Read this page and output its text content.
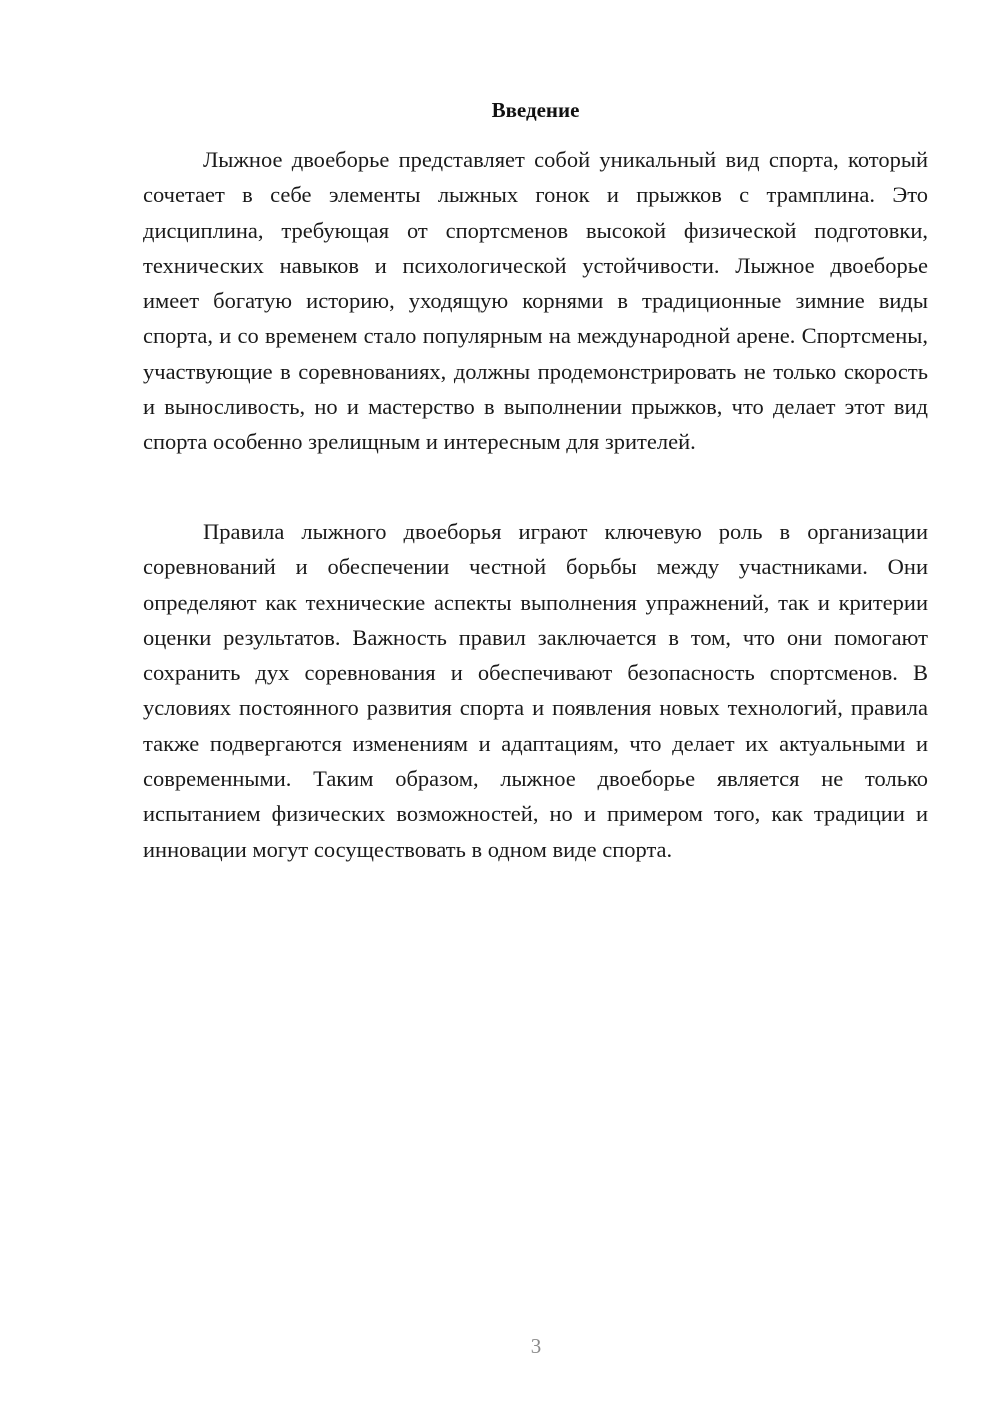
Введение

Лыжное двоеборье представляет собой уникальный вид спорта, который сочетает в себе элементы лыжных гонок и прыжков с трамплина. Это дисциплина, требующая от спортсменов высокой физической подготовки, технических навыков и психологической устойчивости. Лыжное двоеборье имеет богатую историю, уходящую корнями в традиционные зимние виды спорта, и со временем стало популярным на международной арене. Спортсмены, участвующие в соревнованиях, должны продемонстрировать не только скорость и выносливость, но и мастерство в выполнении прыжков, что делает этот вид спорта особенно зрелищным и интересным для зрителей.

Правила лыжного двоеборья играют ключевую роль в организации соревнований и обеспечении честной борьбы между участниками. Они определяют как технические аспекты выполнения упражнений, так и критерии оценки результатов. Важность правил заключается в том, что они помогают сохранить дух соревнования и обеспечивают безопасность спортсменов. В условиях постоянного развития спорта и появления новых технологий, правила также подвергаются изменениям и адаптациям, что делает их актуальными и современными. Таким образом, лыжное двоеборье является не только испытанием физических возможностей, но и примером того, как традиции и инновации могут сосуществовать в одном виде спорта.

3
